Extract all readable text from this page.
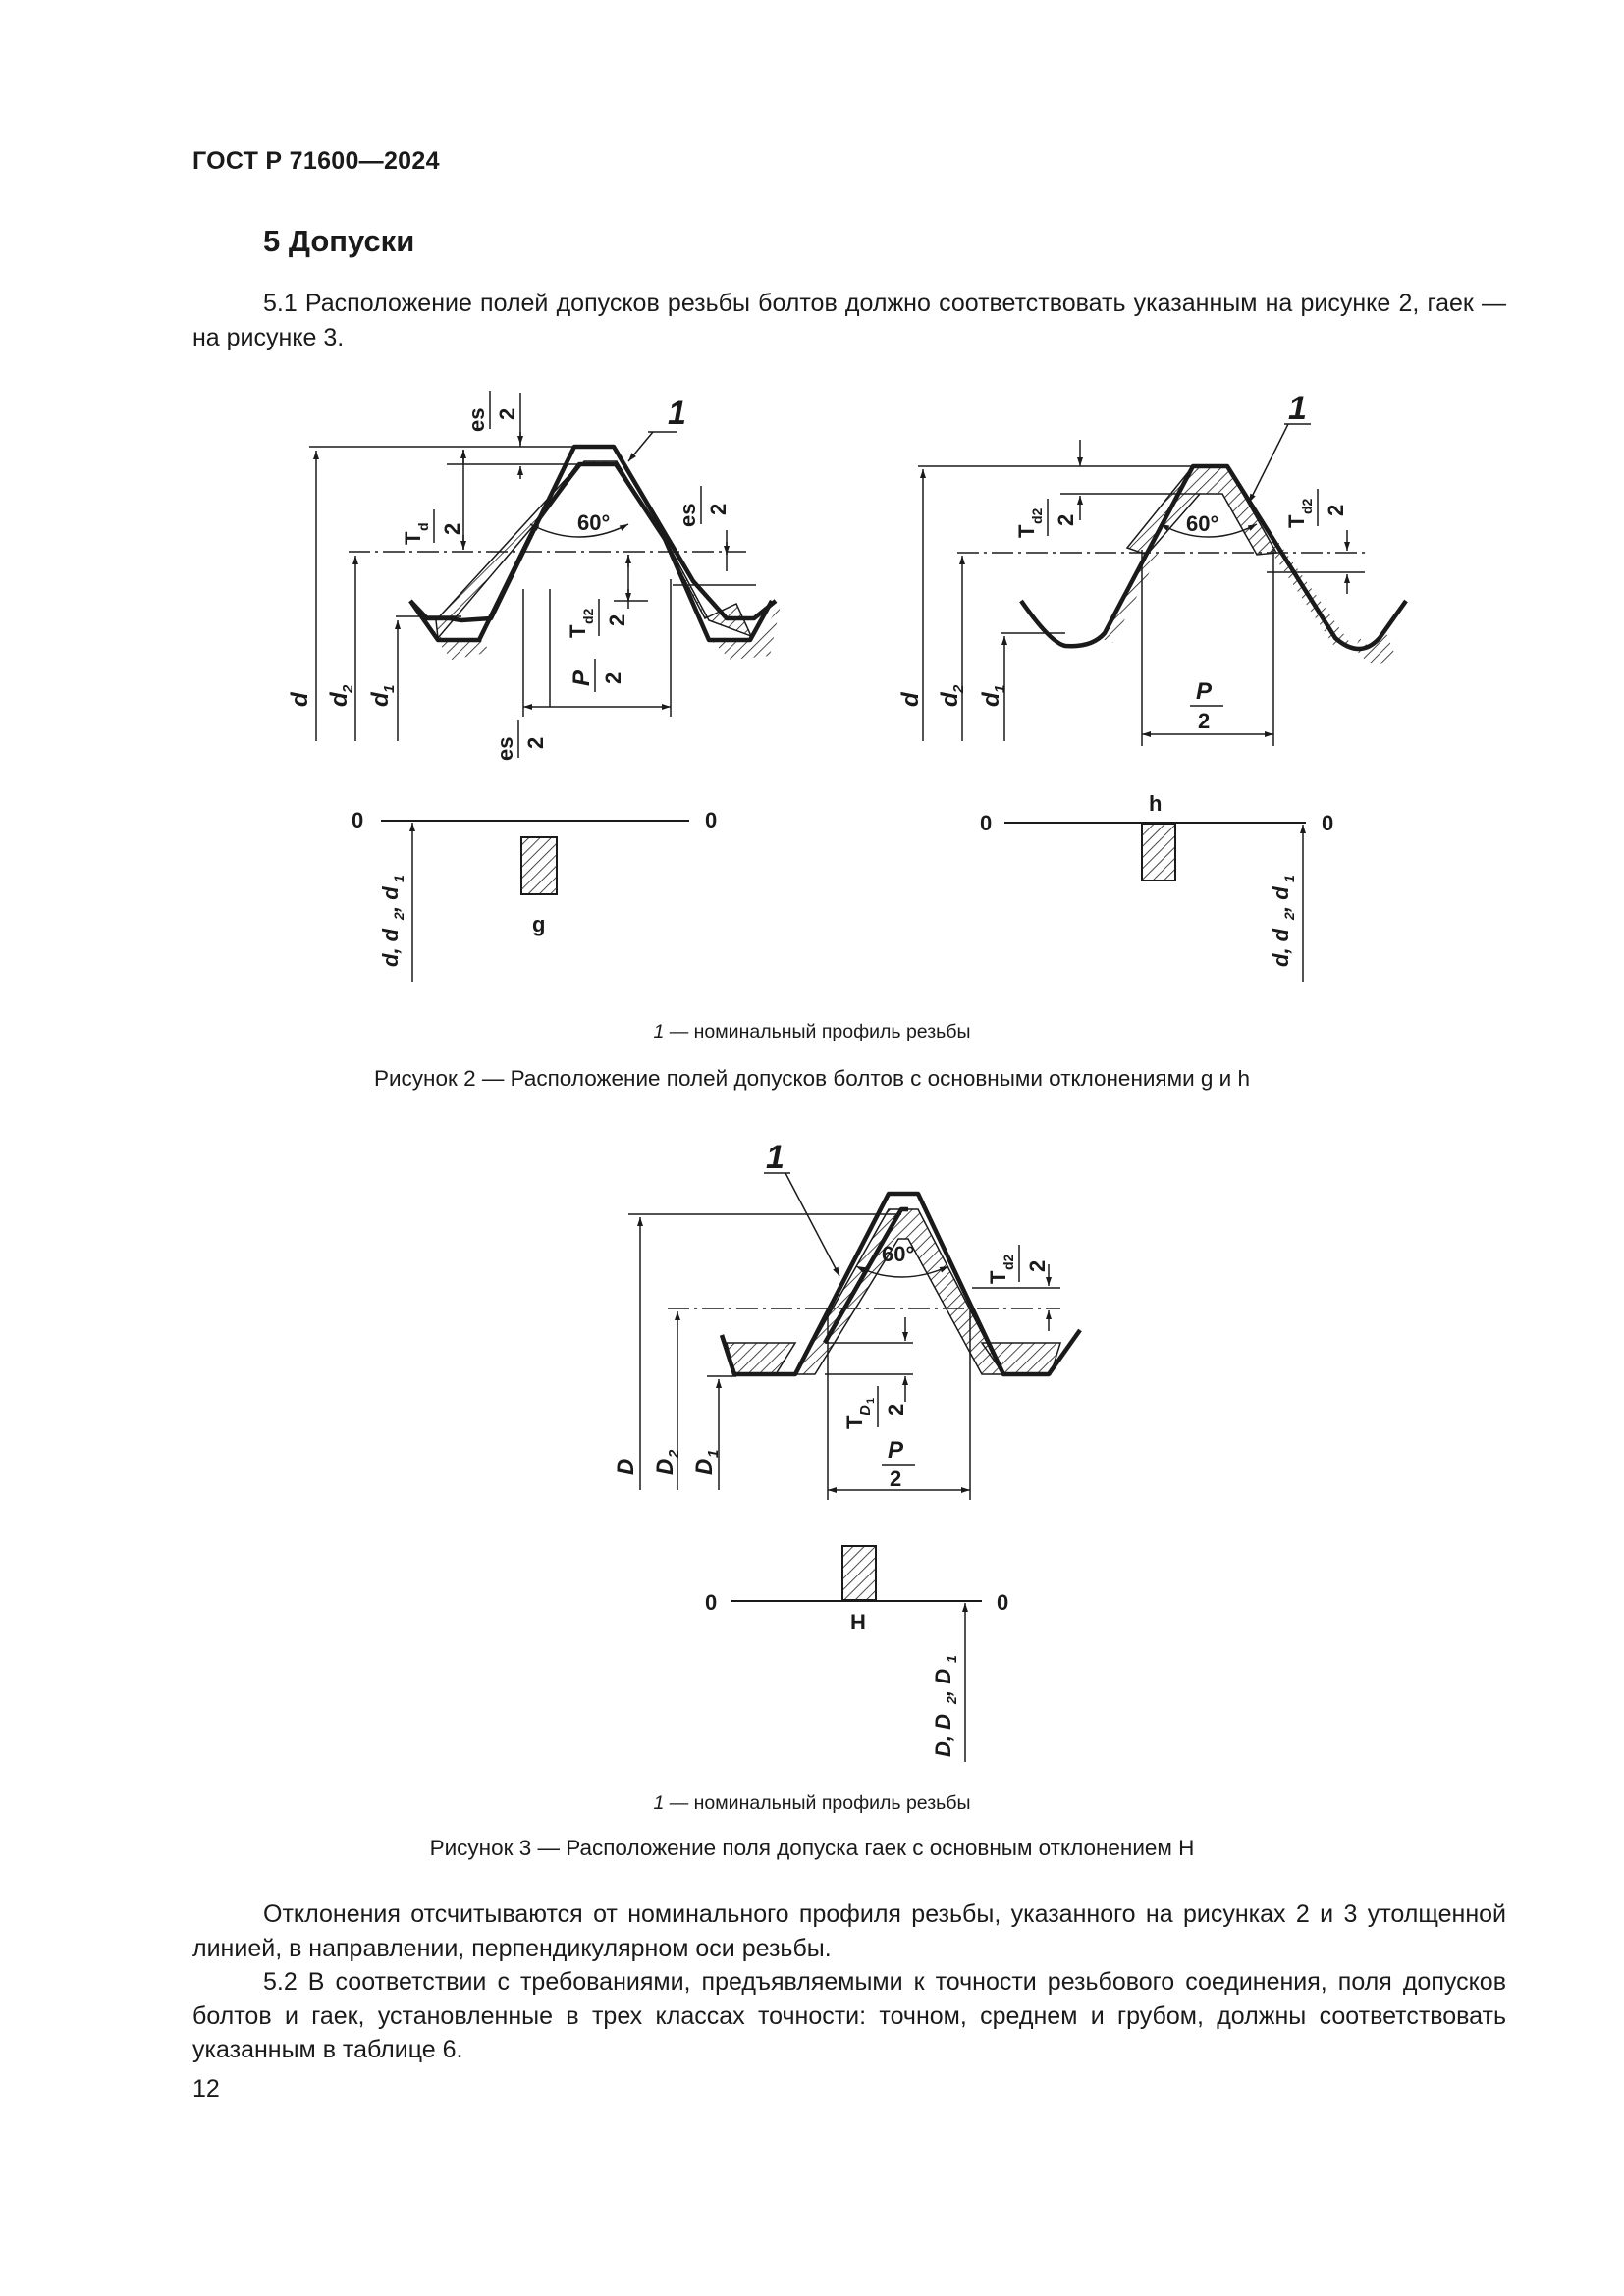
ГОСТ Р 71600—2024
5 Допуски
5.1 Расположение полей допусков резьбы болтов должно соответствовать указанным на рисунке 2, гаек — на рисунке 3.
1
60°
es 2
T
d 2
es 2
T
d2 2
P 2
es 2
d d
2
d
1
0	0
g
d, d
2
, d
1
1
60°
T
d2 2	T
d2 2
P
2
d d
2
d
1
0	0
h
d, d
2
, d
1
1
60°
T
d2 2
T
D
1
2
P
2
D D
2
D
1
0	0
H
D, D
2
, D
1
1 — номинальный профиль резьбы
Рисунок 2 — Расположение полей допусков болтов с основными отклонениями g и h
1 — номинальный профиль резьбы
Рисунок 3 — Расположение поля допуска гаек с основным отклонением H
Отклонения отсчитываются от номинального профиля резьбы, указанного на рисунках 2 и 3 утолщенной линией, в направлении, перпендикулярном оси резьбы.
5.2 В соответствии с требованиями, предъявляемыми к точности резьбового соединения, поля допусков болтов и гаек, установленные в трех классах точности: точном, среднем и грубом, должны соответствовать указанным в таблице 6.
12
